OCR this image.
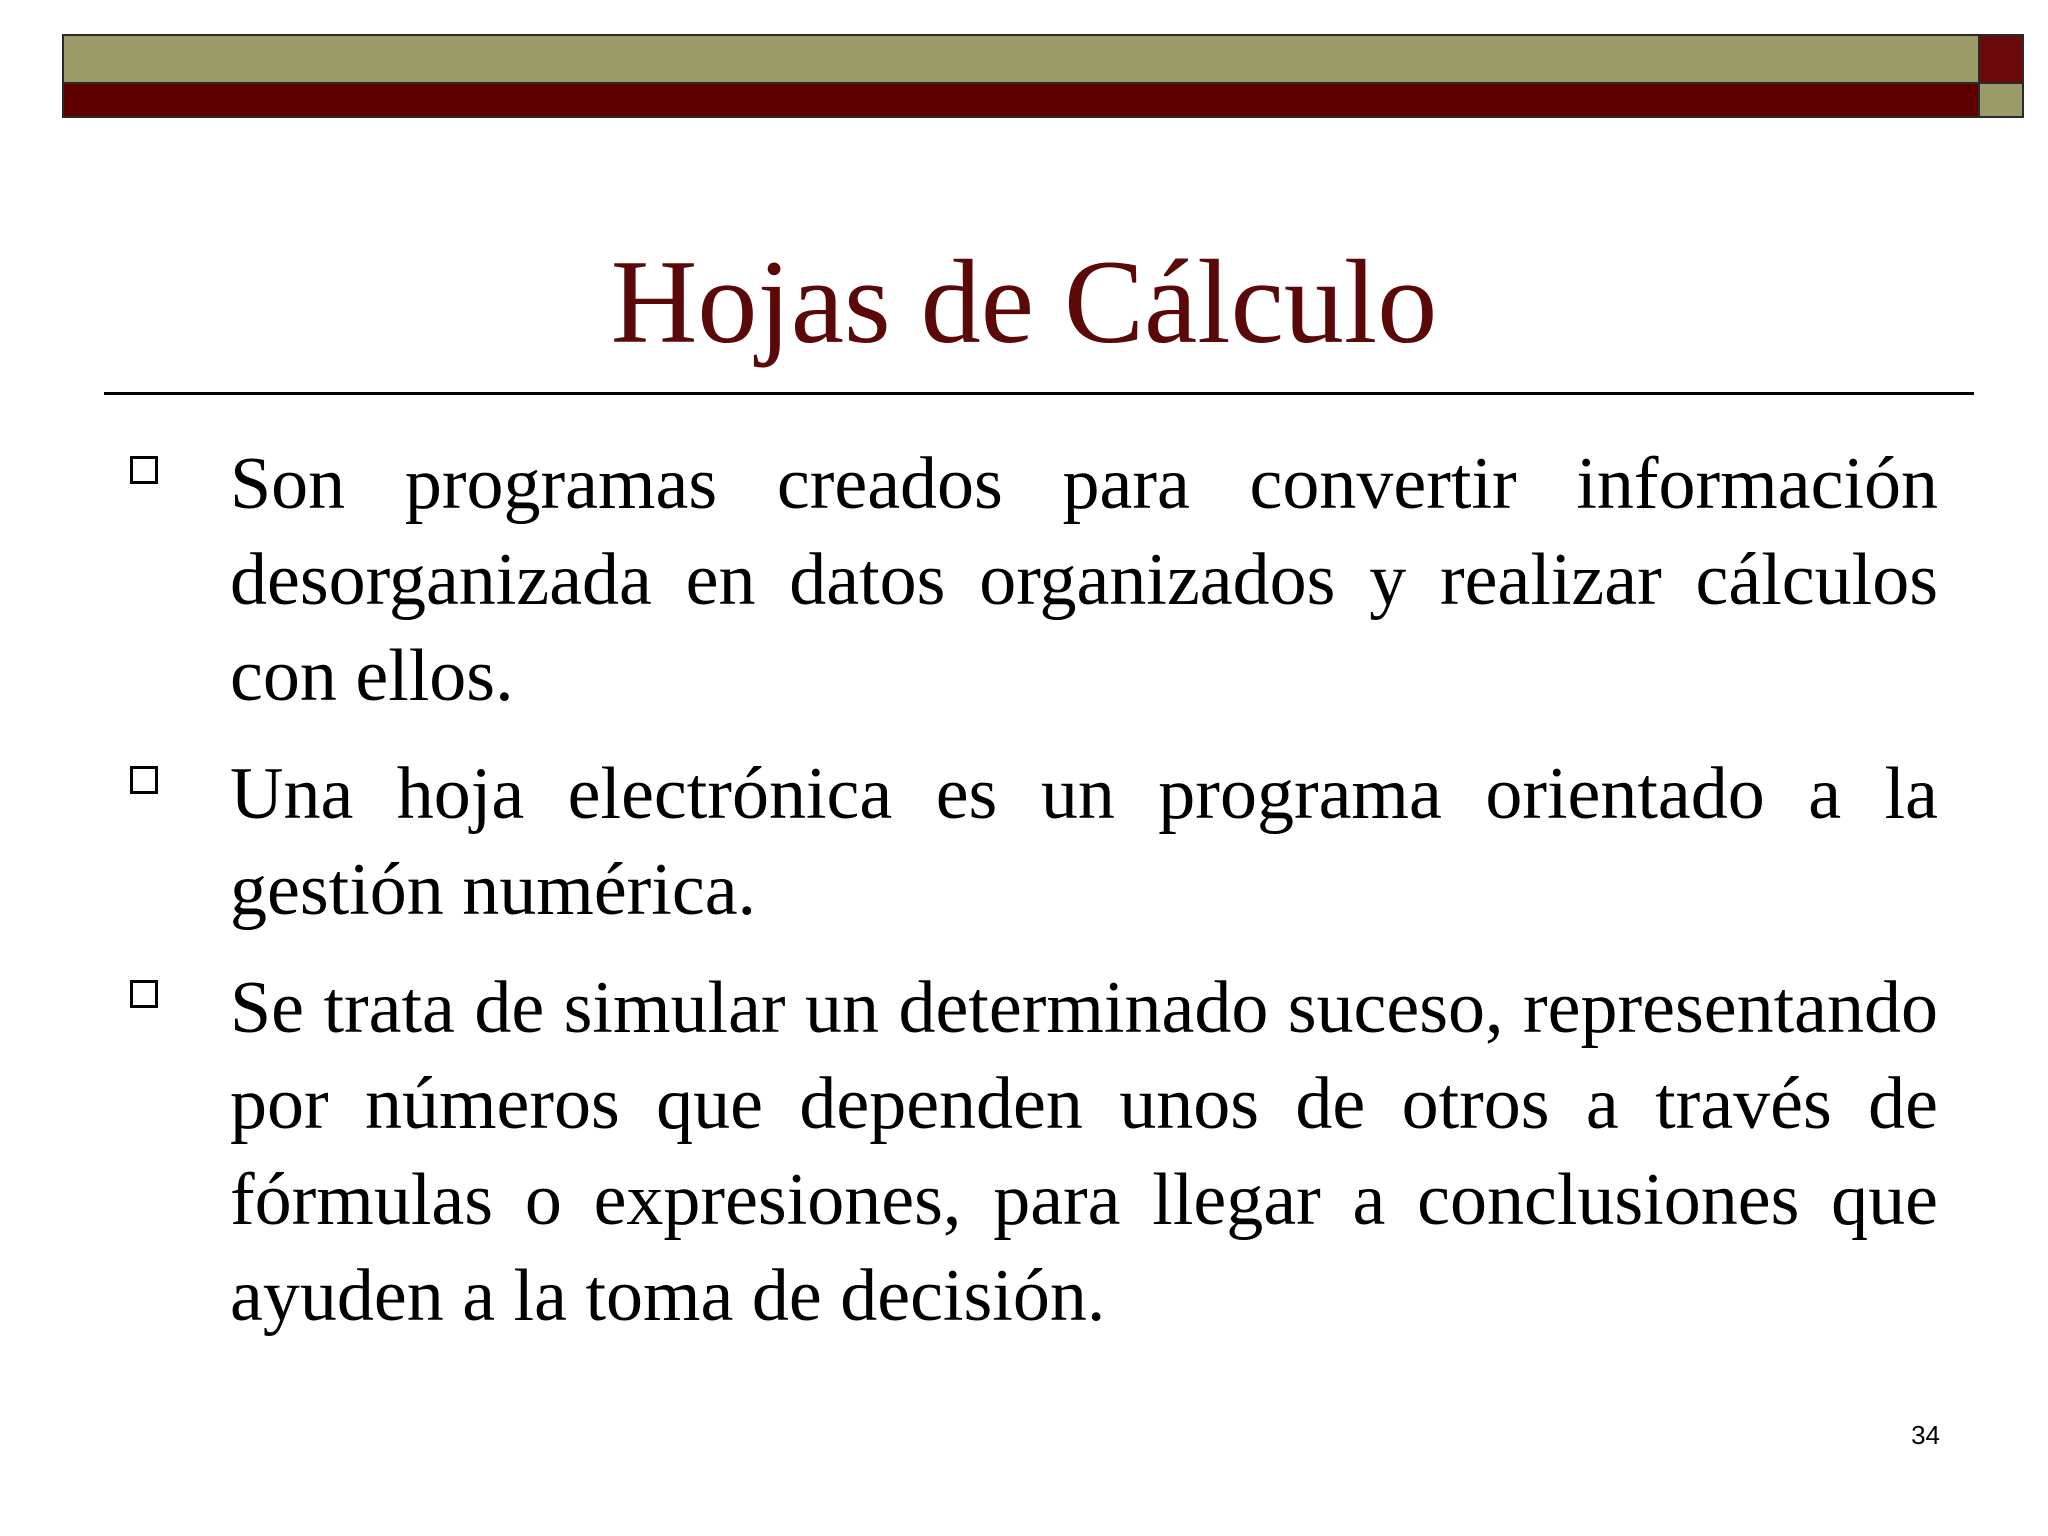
Hojas de Cálculo
Son programas creados para convertir información desorganizada en datos organizados y realizar cálculos con ellos.
Una hoja electrónica es un programa orientado a la gestión numérica.
Se trata de simular un determinado suceso, representando por números que dependen unos de otros a través de fórmulas o expresiones, para llegar a conclusiones que ayuden a la toma de decisión.
34
